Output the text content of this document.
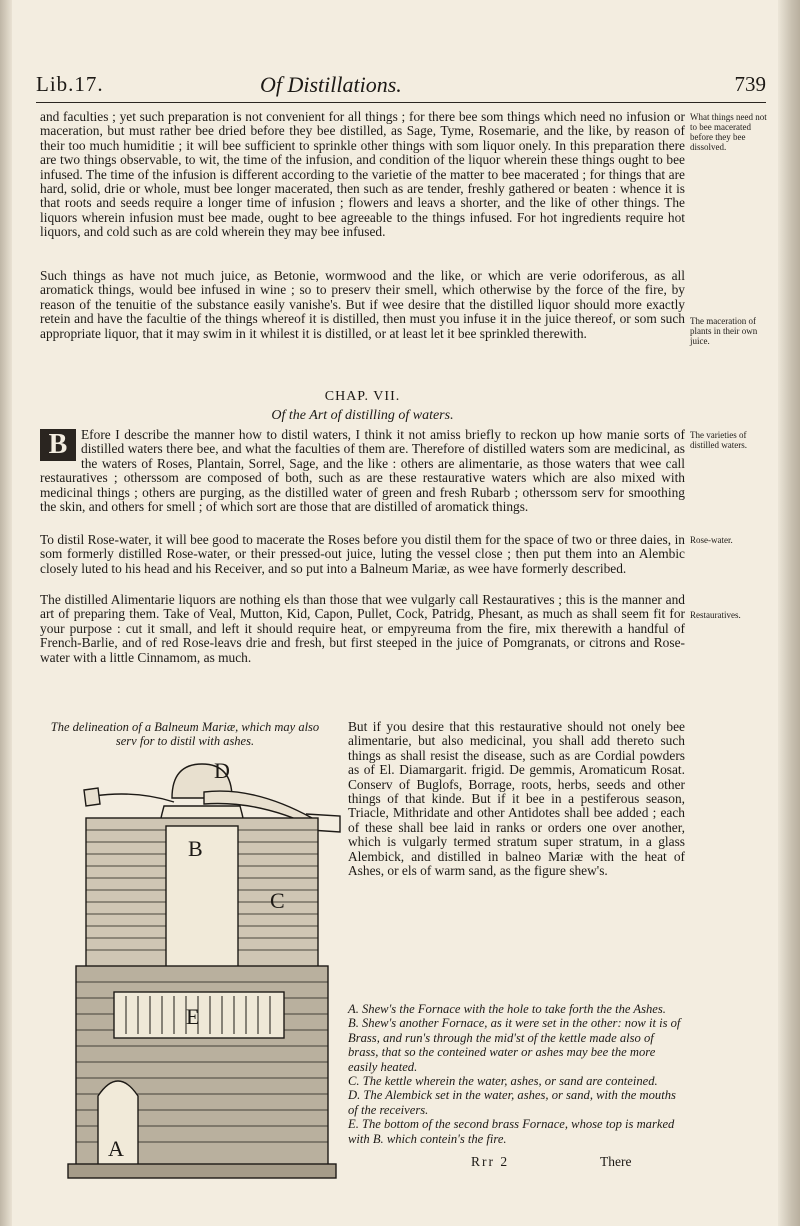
Lib.17.	Of Distillations.	739
and faculties ; yet such preparation is not convenient for all things ; for there bee som things which need no infusion or maceration, but must rather bee dried before they bee distilled, as Sage, Tyme, Rosemarie, and the like, by reason of their too much humiditie ; it will bee sufficient to sprinkle other things with som liquor onely. In this preparation there are two things observable, to wit, the time of the infusion, and condition of the liquor wherein these things ought to bee infused. The time of the infusion is different according to the varietie of the matter to bee macerated ; for things that are hard, solid, drie or whole, must bee longer macerated, then such as are tender, freshly gathered or beaten : whence it is that roots and seeds require a longer time of infusion ; flowers and leavs a shorter, and the like of other things. The liquors wherein infusion must bee made, ought to bee agreeable to the things infused. For hot ingredients require hot liquors, and cold such as are cold wherein they may bee infused.
What things need not to bee macerated before they bee dissolved.
Such things as have not much juice, as Betonie, wormwood and the like, or which are verie odoriferous, as all aromatick things, would bee infused in wine ; so to preserv their smell, which otherwise by the force of the fire, by reason of the tenuitie of the substance easily vanishe's. But if wee desire that the distilled liquor should more exactly retein and have the facultie of the things whereof it is distilled, then must you infuse it in the juice thereof, or som such appropriate liquor, that it may swim in it whilest it is distilled, or at least let it bee sprinkled therewith.
The maceration of plants in their own juice.
CHAP. VII.
Of the Art of distilling of waters.
B	Efore I describe the manner how to distil waters, I think it not amiss briefly to reckon up how manie sorts of distilled waters there bee, and what the faculties of them are. Therefore of distilled waters som are medicinal, as the waters of Roses, Plantain, Sorrel, Sage, and the like : others are alimentarie, as those waters that wee call restauratives ; otherssom are composed of both, such as are these restaurative waters which are also mixed with medicinal things ; others are purging, as the distilled water of green and fresh Rubarb ; otherssom serv for smoothing the skin, and others for smell ; of which sort are those that are distilled of aromatick things.
The varieties of distilled waters.
To distil Rose-water, it will bee good to macerate the Roses before you distil them for the space of two or three daies, in som formerly distilled Rose-water, or their pressed-out juice, luting the vessel close ; then put them into an Alembic closely luted to his head and his Receiver, and so put into a Balneum Mariæ, as wee have formerly described.
Rose-water.
The distilled Alimentarie liquors are nothing els than those that wee vulgarly call Restauratives ; this is the manner and art of preparing them. Take of Veal, Mutton, Kid, Capon, Pullet, Cock, Patridg, Phesant, as much as shall seem fit for your purpose : cut it small, and left it should require heat, or empyreuma from the fire, mix therewith a handful of French-Barlie, and of red Rose-leavs drie and fresh, but first steeped in the juice of Pomgranats, or citrons and Rose-water with a little Cinnamom, as much.
Restauratives.
The delineation of a Balneum Mariæ, which may also serv for to distil with ashes.
D
B
C
E
A
But if you desire that this restaurative should not onely bee alimentarie, but also medicinal, you shall add thereto such things as shall resist the disease, such as are Cordial powders as of El. Diamargarit. frigid. De gemmis, Aromaticum Rosat. Conserv of Buglofs, Borrage, roots, herbs, seeds and other things of that kinde. But if it bee in a pestiferous season, Triacle, Mithridate and other Antidotes shall bee added ; each of these shall bee laid in ranks or orders one over another, which is vulgarly termed stratum super stratum, in a glass Alembick, and distilled in balneo Mariæ with the heat of Ashes, or els of warm sand, as the figure shew's.
A. Shew's the Fornace with the hole to take forth the the Ashes.
B. Shew's another Fornace, as it were set in the other: now it is of Brass, and run's through the mid'st of the kettle made also of brass, that so the conteined water or ashes may bee the more easily heated.
C. The kettle wherein the water, ashes, or sand are conteined.
D. The Alembick set in the water, ashes, or sand, with the mouths of the receivers.
E. The bottom of the second brass Fornace, whose top is marked with B. which contein's the fire.
Rrr 2	There
